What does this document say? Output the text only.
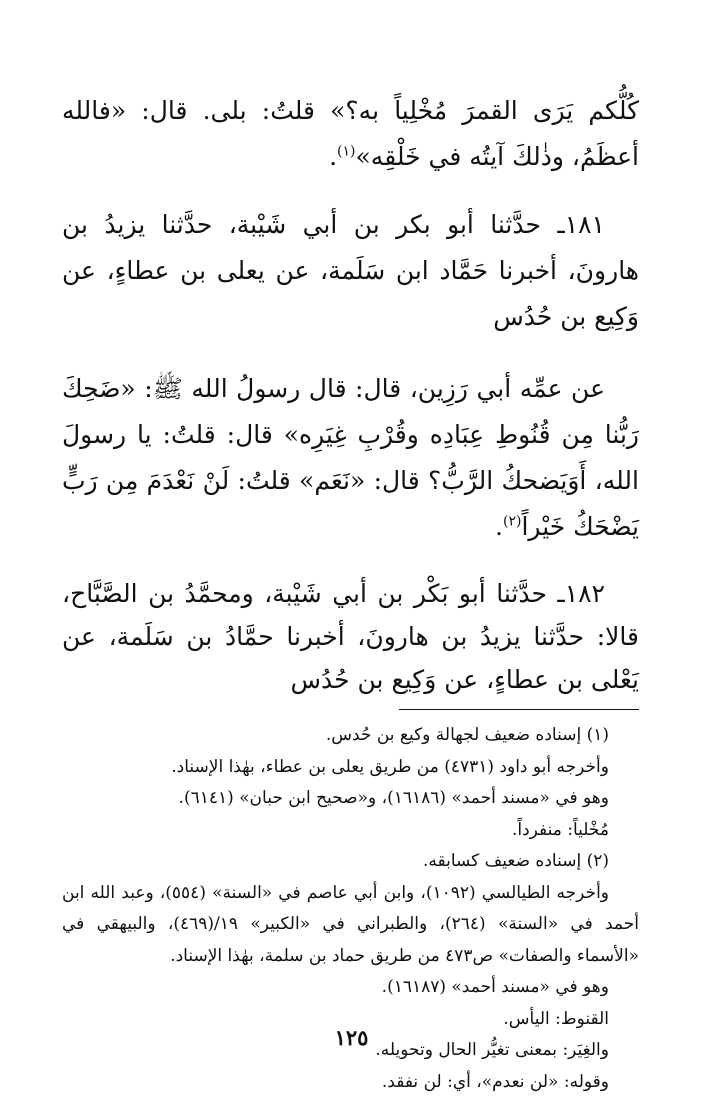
كُلُّكم يَرَى القمرَ مُخْلِياً به؟» قلتُ: بلى. قال: «فالله أعظَمُ، وذٰلكَ آيتُه في خَلْقِه»$^{(١)}$.

١٨١ـ حدَّثنا أبو بكر بن أبي شَيْبة، حدَّثنا يزيدُ بن هارونَ، أخبرنا حَمَّاد ابن سَلَمة، عن يعلى بن عطاءٍ، عن وَكِيع بن حُدُس

عن عمِّه أبي رَزِين، قال: قال رسولُ الله ﷺ: «ضَحِكَ رَبُّنا مِن قُنُوطِ عِبَادِه وقُرْبِ غِيَرِه» قال: قلتُ: يا رسولَ الله، أَوَيَضحكُ الرَّبُّ؟ قال: «نَعَم» قلتُ: لَنْ نَعْدَمَ مِن رَبٍّ يَضْحَكُ خَيْراً$^{(٢)}$.

١٨٢ـ حدَّثنا أبو بَكْر بن أبي شَيْبة، ومحمَّدُ بن الصَّبَّاح، قالا: حدَّثنا يزيدُ بن هارونَ، أخبرنا حمَّادُ بن سَلَمة، عن يَعْلى بن عطاءٍ، عن وَكِيع بن حُدُس

(١) إسناده ضعيف لجهالة وكيع بن حُدس.

وأخرجه أبو داود (٤٧٣١) من طريق يعلى بن عطاء، بهٰذا الإسناد.

وهو في «مسند أحمد» (١٦١٨٦)، و«صحيح ابن حبان» (٦١٤١).

مُخْلياً: منفرداً.

(٢) إسناده ضعيف كسابقه.

وأخرجه الطيالسي (١٠٩٢)، وابن أبي عاصم في «السنة» (٥٥٤)، وعبد الله ابن أحمد في «السنة» (٢٦٤)، والطبراني في «الكبير» ١٩/(٤٦٩)، والبيهقي في «الأسماء والصفات» ص٤٧٣ من طريق حماد بن سلمة، بهٰذا الإسناد.

وهو في «مسند أحمد» (١٦١٨٧).

القنوط: اليأس.

والغِيَر: بمعنى تغيُّر الحال وتحويله.

وقوله: «لن نعدم»، أي: لن نفقد.

١٢٥
